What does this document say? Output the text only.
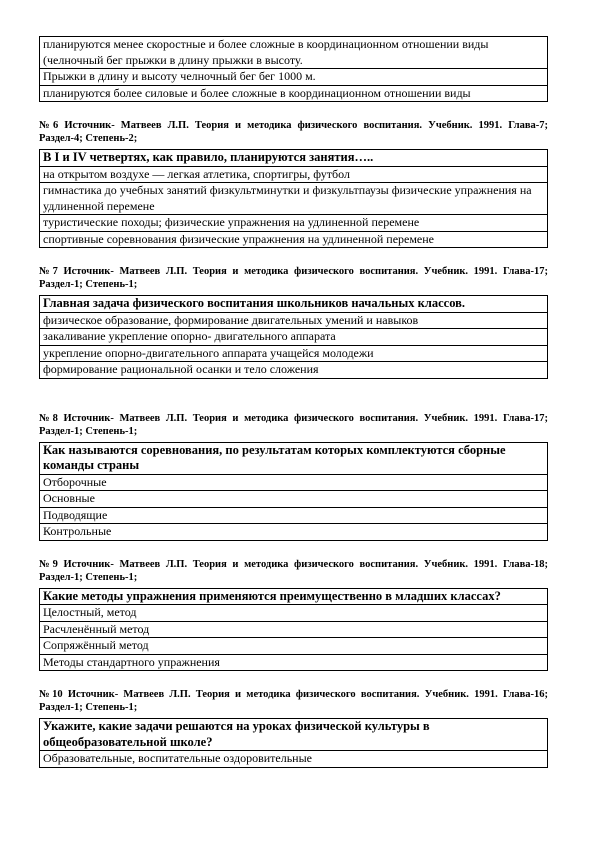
планируются менее скоростные и более сложные в координационном отношении виды (челночный бег прыжки в длину прыжки в высоту.
Прыжки в длину и высоту челночный бег бег 1000 м.
планируются более силовые и более сложные в координационном отношении виды

№6 Источник- Матвеев Л.П. Теория и методика физического воспитания. Учебник. 1991. Глава-7; Раздел-4; Степень-2;

В I и IV четвертях, как правило, планируются занятия…..
на открытом воздухе — легкая атлетика, спортигры, футбол
гимнастика до учебных занятий физкультминутки и физкультпаузы физические упражнения на удлиненной перемене
туристические походы; физические упражнения на удлиненной перемене
спортивные соревнования физические упражнения на удлиненной перемене

№7 Источник- Матвеев Л.П. Теория и методика физического воспитания. Учебник. 1991. Глава-17; Раздел-1; Степень-1;

Главная задача физического воспитания школьников начальных классов.
физическое образование, формирование двигательных умений и навыков
закаливание укрепление опорно- двигательного аппарата
укрепление опорно-двигательного аппарата учащейся молодежи
формирование рациональной осанки и тело сложения

№8 Источник- Матвеев Л.П. Теория и методика физического воспитания. Учебник. 1991. Глава-17; Раздел-1; Степень-1;

Как называются соревнования, по результатам которых комплектуются сборные команды страны
Отборочные
Основные
Подводящие
Контрольные

№9 Источник- Матвеев Л.П. Теория и методика физического воспитания. Учебник. 1991. Глава-18; Раздел-1; Степень-1;

Какие методы упражнения применяются преимущественно в младших классах?
Целостный, метод
Расчленённый метод
Сопряжённый метод
Методы стандартного упражнения

№10 Источник- Матвеев Л.П. Теория и методика физического воспитания. Учебник. 1991. Глава-16; Раздел-1; Степень-1;

Укажите, какие задачи решаются на уроках физической культуры в общеобразовательной школе?
Образовательные, воспитательные оздоровительные
